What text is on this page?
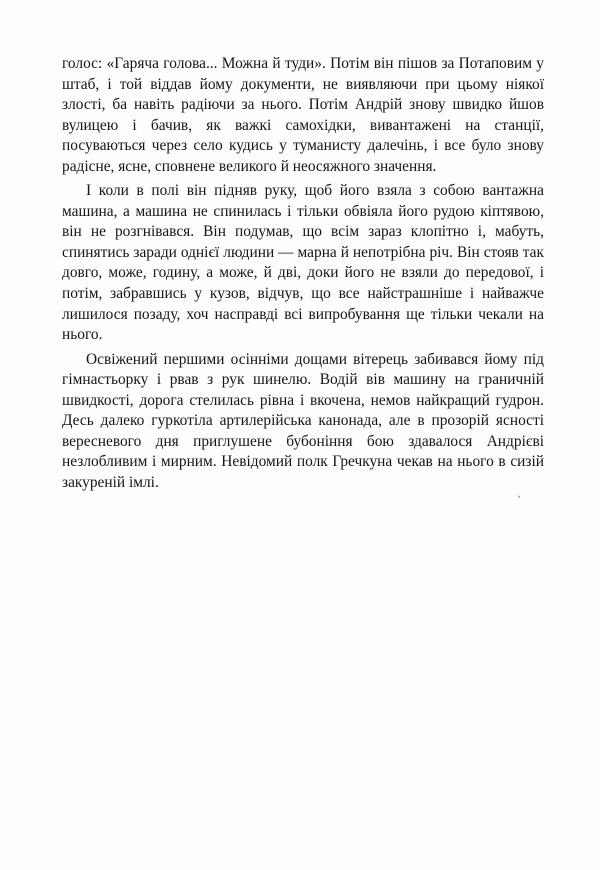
голос: «Гаряча голова... Можна й туди». Потім він пішов за Потаповим у штаб, і той віддав йому документи, не виявляючи при цьому ніякої злості, ба навіть радіючи за нього. Потім Андрій знову швидко йшов вулицею і бачив, як важкі самохідки, вивантажені на станції, посуваються через село кудись у туманисту далечінь, і все було знову радісне, ясне, сповнене великого й неосяжного значення.

І коли в полі він підняв руку, щоб його взяла з собою вантажна машина, а машина не спинилась і тільки обвіяла його рудою кіптявою, він не розгнівався. Він подумав, що всім зараз клопітно і, мабуть, спинятись заради однієї людини — марна й непотрібна річ. Він стояв так довго, може, годину, а може, й дві, доки його не взяли до передової, і потім, забравшись у кузов, відчув, що все найстрашніше і найважче лишилося позаду, хоч насправді всі випробування ще тільки чекали на нього.

Освіжений першими осінніми дощами вітерець забивався йому під гімнастьорку і рвав з рук шинелю. Водій вів машину на граничній швидкості, дорога стелилась рівна і вкочена, немов найкращий гудрон. Десь далеко гуркотіла артилерійська канонада, але в прозорій ясності вересневого дня приглушене бубоніння бою здавалося Андрієві незлобливим і мирним. Невідомий полк Гречкуна чекав на нього в сизій закуреній імлі.

ˎ
